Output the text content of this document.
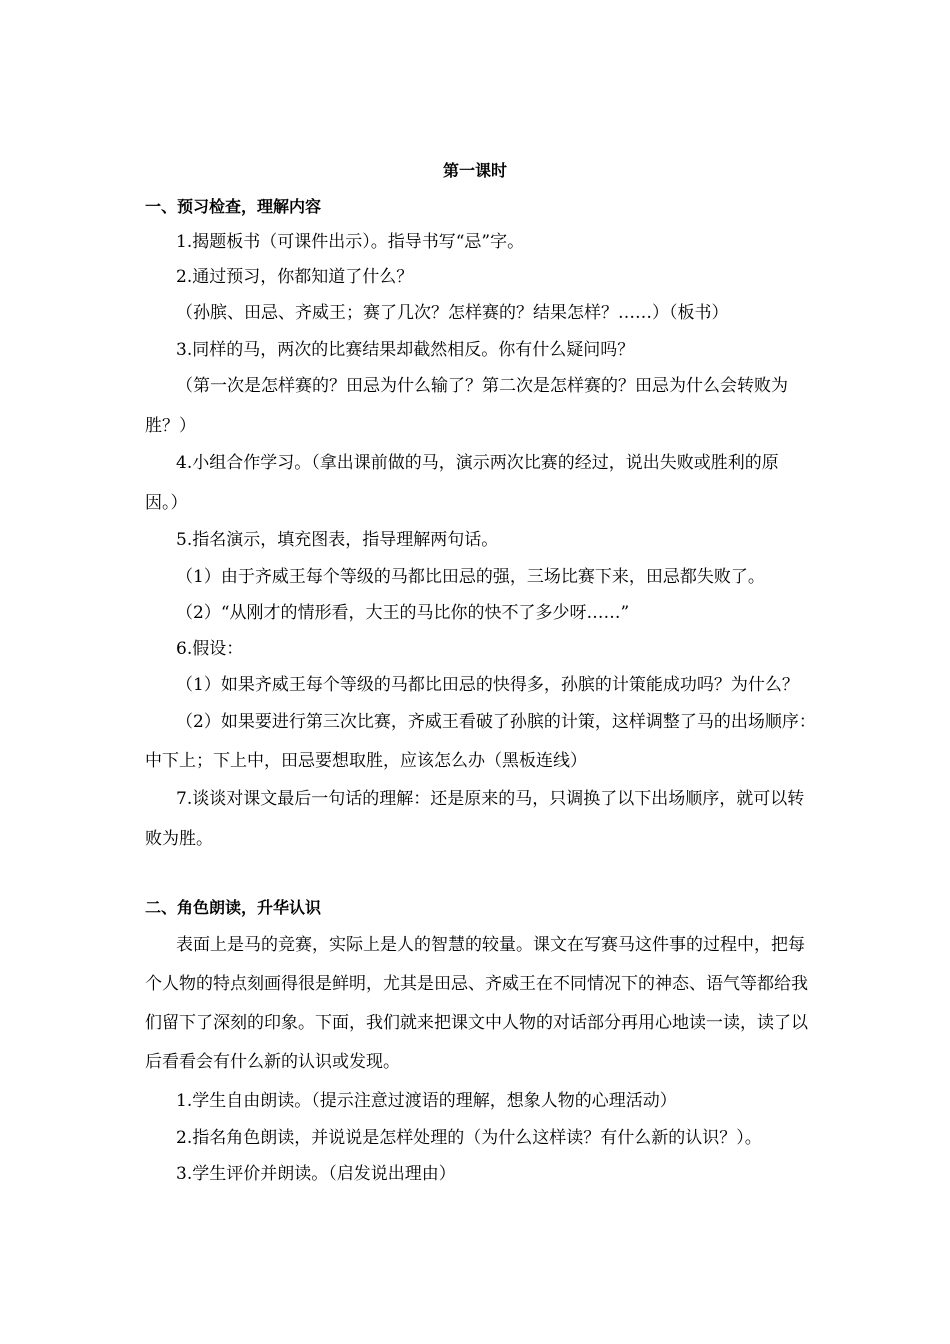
第一课时
一、预习检查，理解内容
1.揭题板书（可课件出示）。指导书写“忌”字。
2.通过预习，你都知道了什么？
（孙膑、田忌、齐威王；赛了几次？怎样赛的？结果怎样？……）（板书）
3.同样的马，两次的比赛结果却截然相反。你有什么疑问吗？
（第一次是怎样赛的？田忌为什么输了？第二次是怎样赛的？田忌为什么会转败为
胜？）
4.小组合作学习。（拿出课前做的马，演示两次比赛的经过，说出失败或胜利的原
因。）
5.指名演示，填充图表，指导理解两句话。
（1）由于齐威王每个等级的马都比田忌的强，三场比赛下来，田忌都失败了。
（2）“从刚才的情形看，大王的马比你的快不了多少呀……”
6.假设：
（1）如果齐威王每个等级的马都比田忌的快得多，孙膑的计策能成功吗？为什么？
（2）如果要进行第三次比赛，齐威王看破了孙膑的计策，这样调整了马的出场顺序：
中下上；下上中，田忌要想取胜，应该怎么办（黑板连线）
7.谈谈对课文最后一句话的理解：还是原来的马，只调换了以下出场顺序，就可以转
败为胜。
二、角色朗读，升华认识
表面上是马的竞赛，实际上是人的智慧的较量。课文在写赛马这件事的过程中，把每
个人物的特点刻画得很是鲜明，尤其是田忌、齐威王在不同情况下的神态、语气等都给我
们留下了深刻的印象。下面，我们就来把课文中人物的对话部分再用心地读一读，读了以
后看看会有什么新的认识或发现。
1.学生自由朗读。（提示注意过渡语的理解，想象人物的心理活动）
2.指名角色朗读，并说说是怎样处理的（为什么这样读？有什么新的认识？）。
3.学生评价并朗读。（启发说出理由）
